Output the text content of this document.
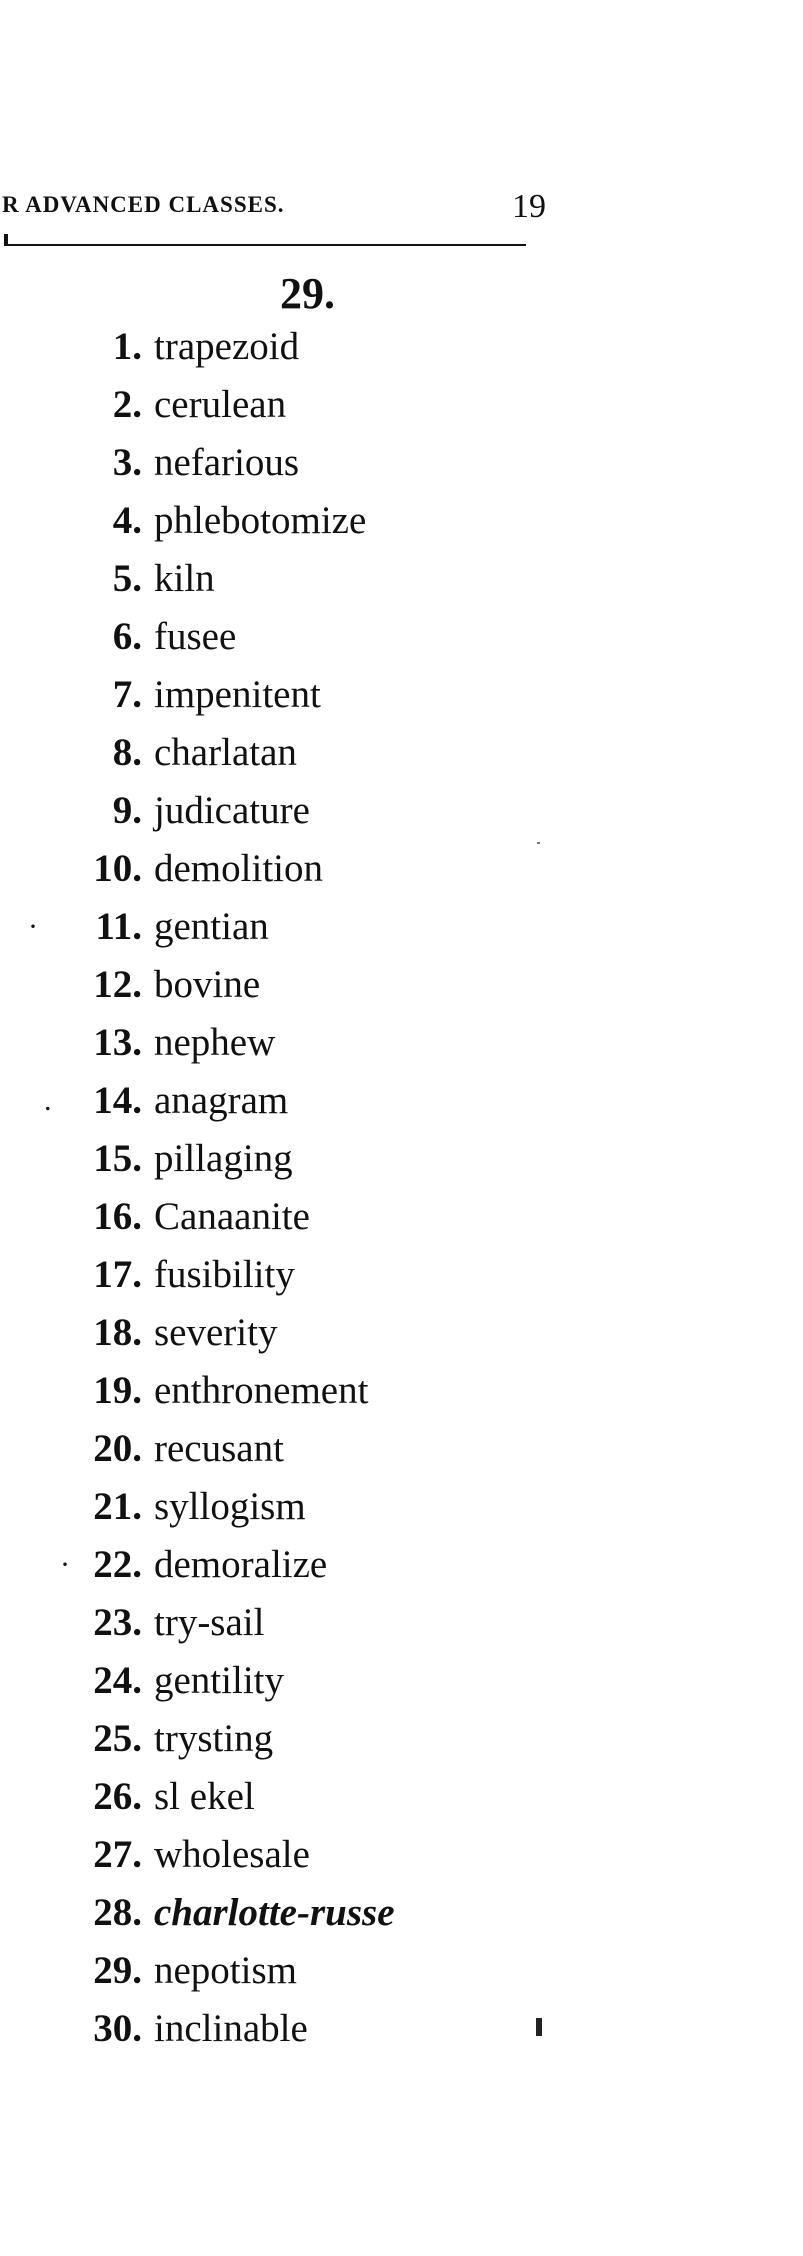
R ADVANCED CLASSES.	19
29.
1. trapezoid
2. cerulean
3. nefarious
4. phlebotomize
5. kiln
6. fusee
7. impenitent
8. charlatan
9. judicature
10. demolition
· 11. gentian
12. bovine
13. nephew
. 14. anagram
15. pillaging
16. Canaanite
17. fusibility
18. severity
19. enthronement
20. recusant
21. syllogism
· 22. demoralize
23. try-sail
24. gentility
25. trysting
26. sl ekel
27. wholesale
28. charlotte-russe
29. nepotism
30. inclinable
